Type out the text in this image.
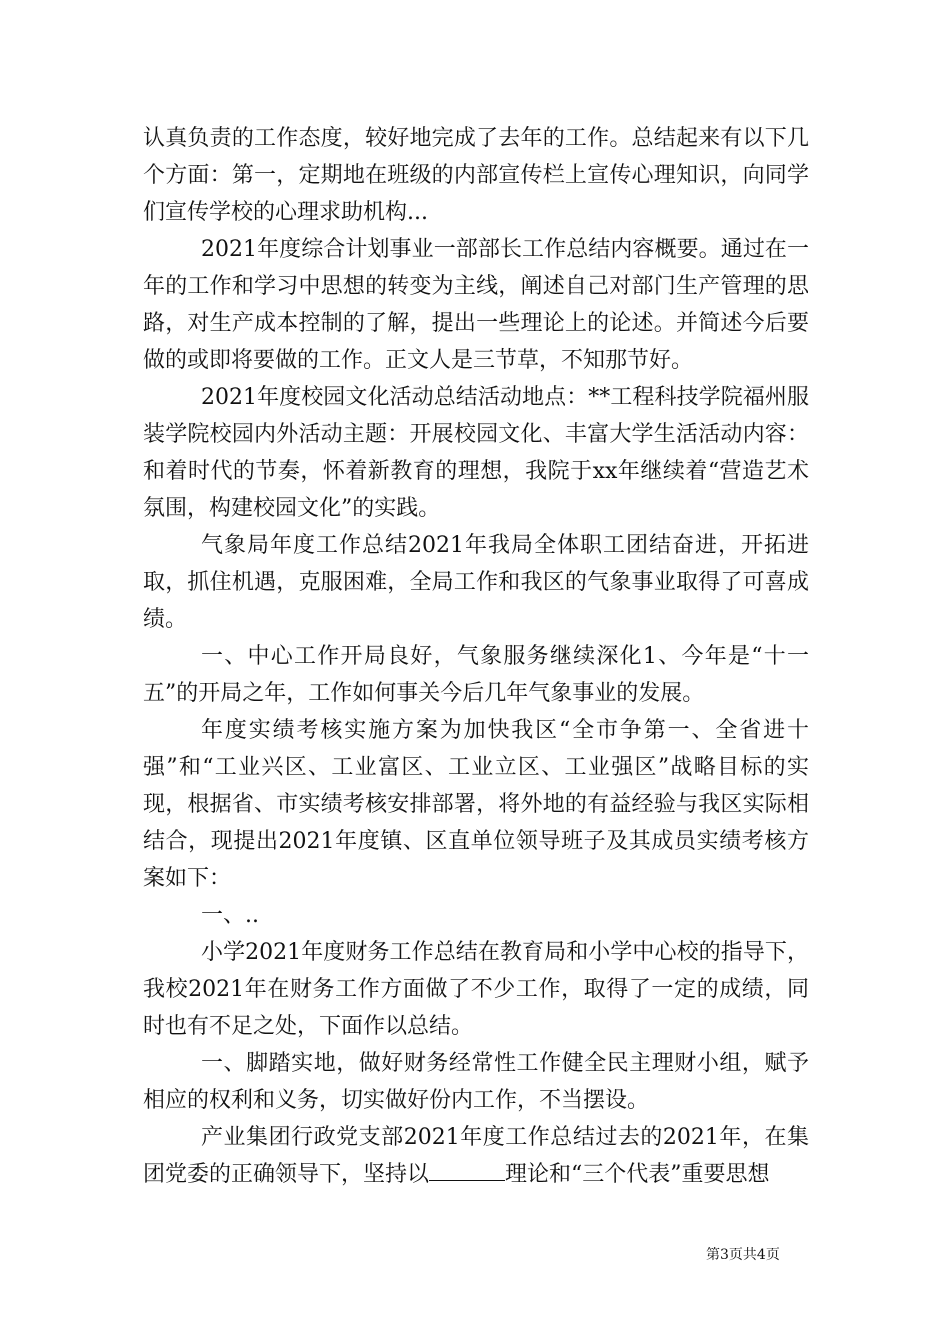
认真负责的工作态度，较好地完成了去年的工作。总结起来有以下几个方面：第一，定期地在班级的内部宣传栏上宣传心理知识，向同学们宣传学校的心理求助机构...

2021年度综合计划事业一部部长工作总结内容概要。通过在一年的工作和学习中思想的转变为主线，阐述自己对部门生产管理的思路，对生产成本控制的了解，提出一些理论上的论述。并简述今后要做的或即将要做的工作。正文人是三节草，不知那节好。

2021年度校园文化活动总结活动地点：**工程科技学院福州服装学院校园内外活动主题：开展校园文化、丰富大学生活活动内容：和着时代的节奏，怀着新教育的理想，我院于xx年继续着“营造艺术氛围，构建校园文化”的实践。

气象局年度工作总结2021年我局全体职工团结奋进，开拓进取，抓住机遇，克服困难，全局工作和我区的气象事业取得了可喜成绩。

一、中心工作开局良好，气象服务继续深化1、今年是“十一五”的开局之年，工作如何事关今后几年气象事业的发展。

年度实绩考核实施方案为加快我区“全市争第一、全省进十强”和“工业兴区、工业富区、工业立区、工业强区”战略目标的实现，根据省、市实绩考核安排部署，将外地的有益经验与我区实际相结合，现提出2021年度镇、区直单位领导班子及其成员实绩考核方案如下：

一、..

小学2021年度财务工作总结在教育局和小学中心校的指导下，我校2021年在财务工作方面做了不少工作，取得了一定的成绩，同时也有不足之处，下面作以总结。

一、脚踏实地，做好财务经常性工作健全民主理财小组，赋予相应的权利和义务，切实做好份内工作，不当摆设。

产业集团行政党支部2021年度工作总结过去的2021年，在集团党委的正确领导下，坚持以	理论和“三个代表”重要思想

第3页共4页
